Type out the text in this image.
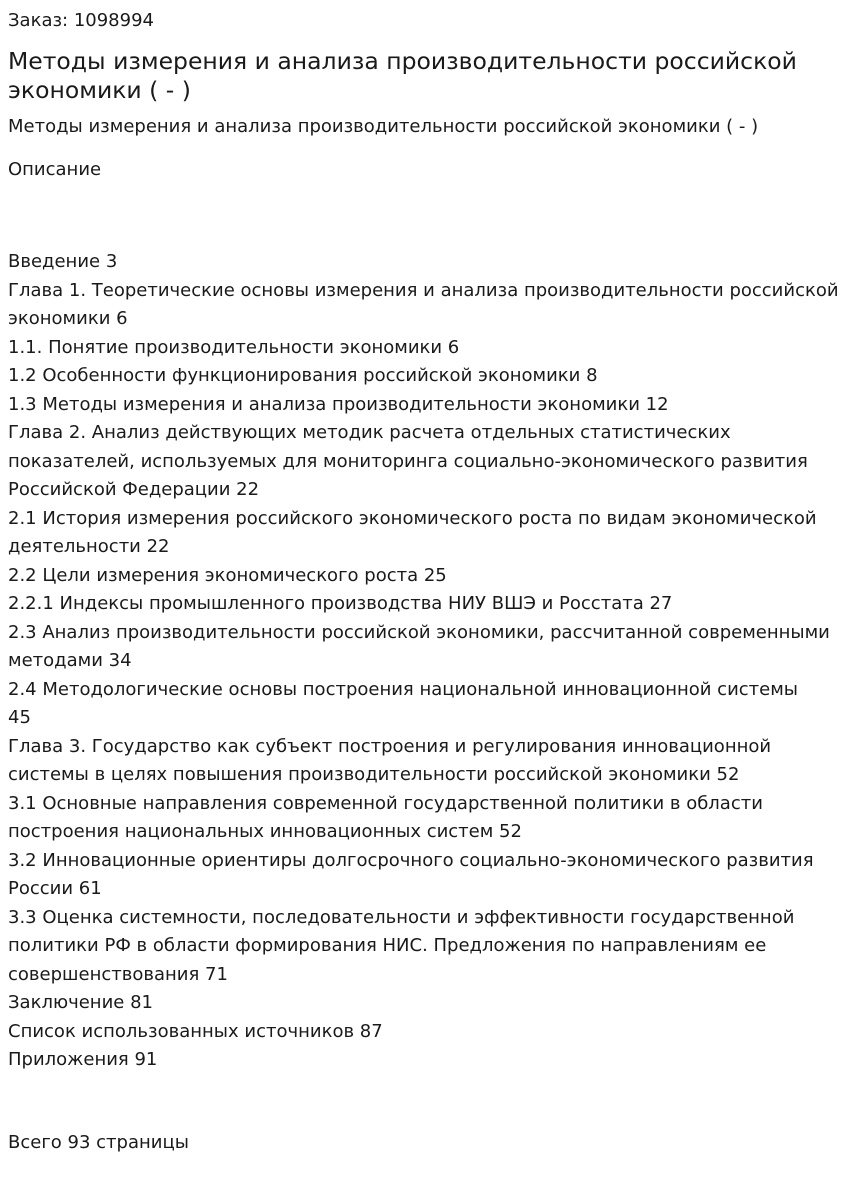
Заказ: 1098994

Методы измерения и анализа производительности российской экономики ( - )

Методы измерения и анализа производительности российской экономики ( - )

Описание

Введение 3
Глава 1. Теоретические основы измерения и анализа производительности российской экономики 6
1.1. Понятие производительности экономики 6
1.2 Особенности функционирования российской экономики 8
1.3 Методы измерения и анализа производительности экономики 12
Глава 2. Анализ действующих методик расчета отдельных статистических показателей, используемых для мониторинга социально-экономического развития Российской Федерации 22
2.1 История измерения российского экономического роста по видам экономической деятельности 22
2.2 Цели измерения экономического роста 25
2.2.1 Индексы промышленного производства НИУ ВШЭ и Росстата 27
2.3 Анализ производительности российской экономики, рассчитанной современными методами 34
2.4 Методологические основы построения национальной инновационной системы
45
Глава 3. Государство как субъект построения и регулирования инновационной системы в целях повышения производительности российской экономики 52
3.1 Основные направления современной государственной политики в области построения национальных инновационных систем 52
3.2 Инновационные ориентиры долгосрочного социально-экономического развития России 61
3.3 Оценка системности, последовательности и эффективности государственной политики РФ в области формирования НИС. Предложения по направлениям ее совершенствования 71
Заключение 81
Список использованных источников 87
Приложения 91

Всего 93 страницы
